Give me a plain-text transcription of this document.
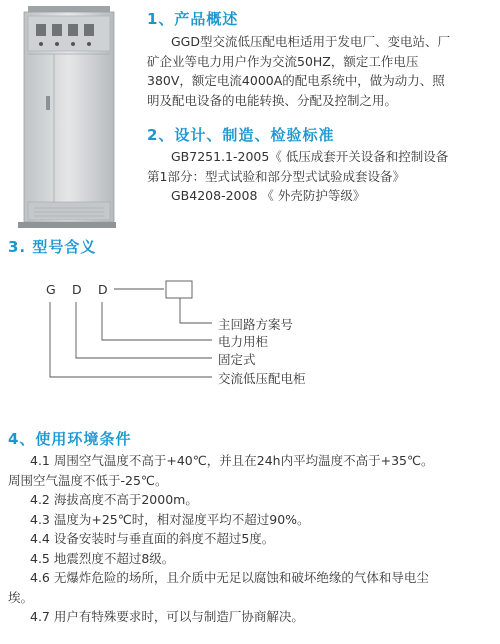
1、产品概述
GGD型交流低压配电柜适用于发电厂、变电站、厂
矿企业等电力用户作为交流50HZ，额定工作电压
380V，额定电流4000A的配电系统中，做为动力、照
明及配电设备的电能转换、分配及控制之用。
2、设计、制造、检验标准
GB7251.1-2005《 低压成套开关设备和控制设备
第1部分：型式试验和部分型式试验成套设备》
GB4208-2008 《 外壳防护等级》
3. 型号含义
G D D
主回路方案号
电力用柜
固定式
交流低压配电柜
4、使用环境条件
4.1 周围空气温度不高于+40℃，并且在24h内平均温度不高于+35℃。
周围空气温度不低于-25℃。
4.2 海拔高度不高于2000m。
4.3 温度为+25℃时，相对湿度平均不超过90%。
4.4 设备安装时与垂直面的斜度不超过5度。
4.5 地震烈度不超过8级。
4.6 无爆炸危险的场所，且介质中无足以腐蚀和破坏绝缘的气体和导电尘
埃。
4.7 用户有特殊要求时，可以与制造厂协商解决。
